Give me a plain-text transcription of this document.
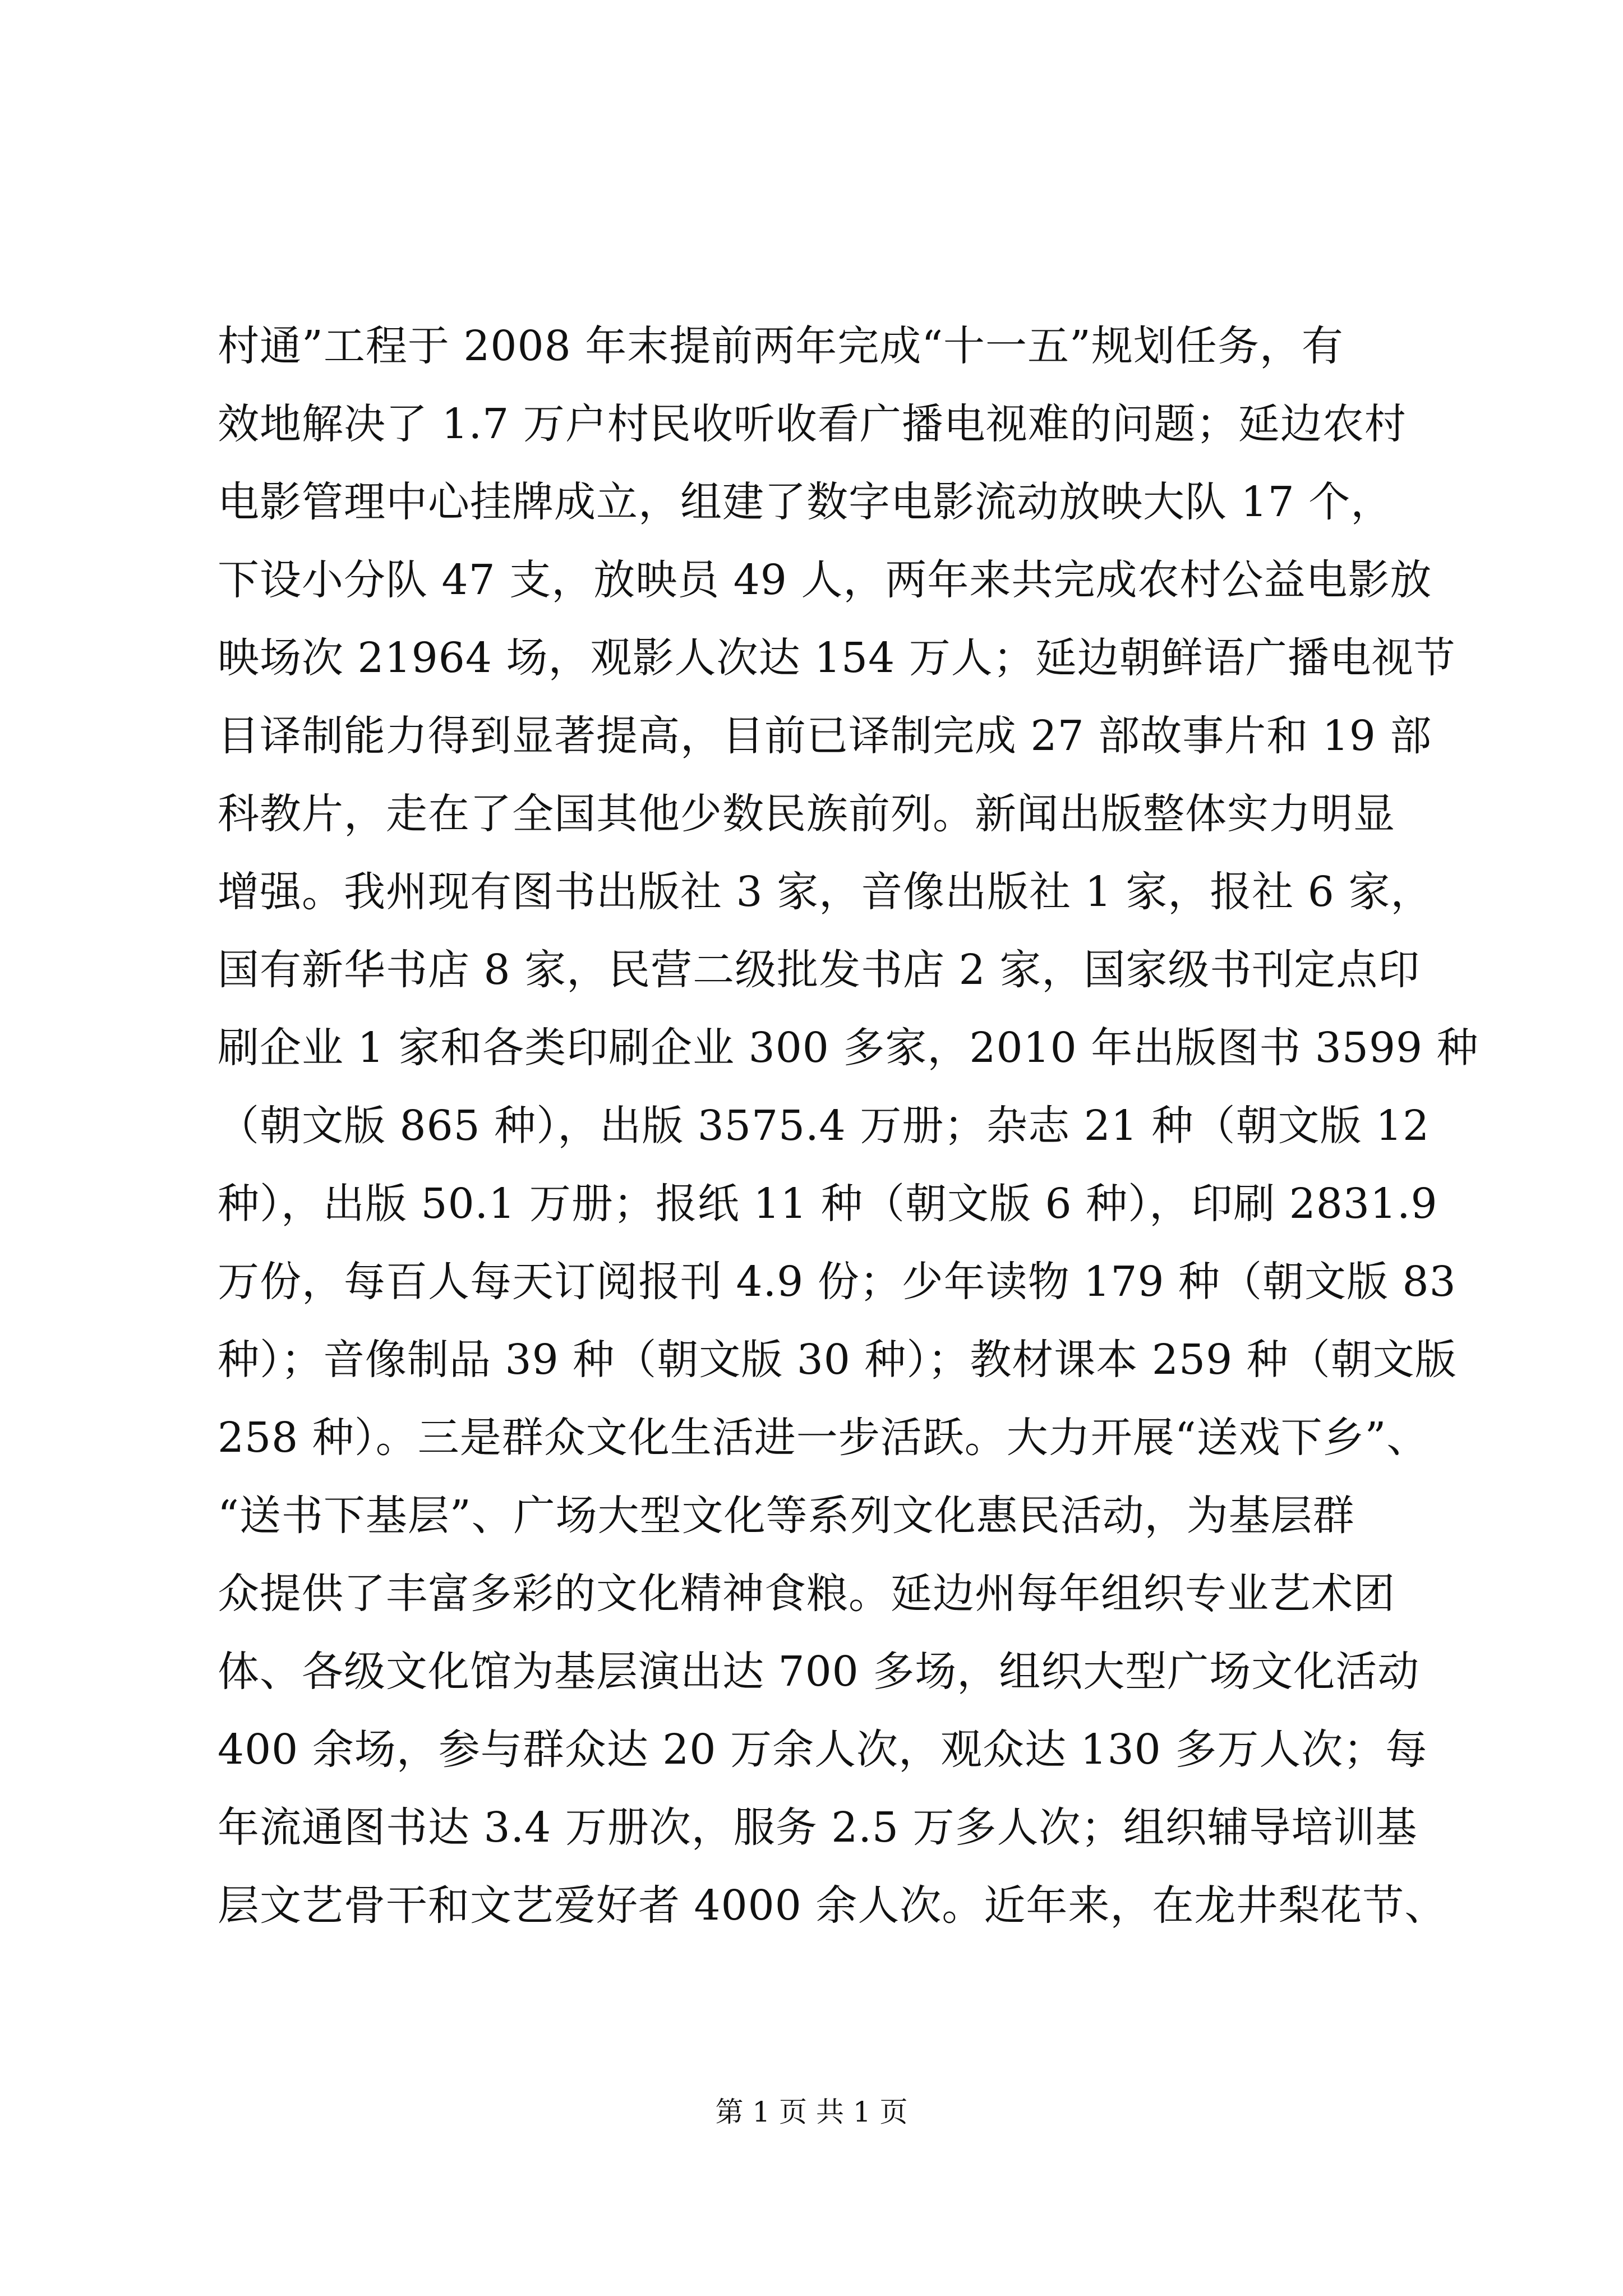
村通”工程于 2008 年末提前两年完成“十一五”规划任务，有
效地解决了 1.7 万户村民收听收看广播电视难的问题；延边农村
电影管理中心挂牌成立，组建了数字电影流动放映大队 17 个，
下设小分队 47 支，放映员 49 人，两年来共完成农村公益电影放
映场次 21964 场，观影人次达 154 万人；延边朝鲜语广播电视节
目译制能力得到显著提高，目前已译制完成 27 部故事片和 19 部
科教片，走在了全国其他少数民族前列。新闻出版整体实力明显
增强。我州现有图书出版社 3 家，音像出版社 1 家，报社 6 家，
国有新华书店 8 家，民营二级批发书店 2 家，国家级书刊定点印
刷企业 1 家和各类印刷企业 300 多家，2010 年出版图书 3599 种
（朝文版 865 种），出版 3575.4 万册；杂志 21 种（朝文版 12
种），出版 50.1 万册；报纸 11 种（朝文版 6 种），印刷 2831.9
万份，每百人每天订阅报刊 4.9 份；少年读物 179 种（朝文版 83
种）；音像制品 39 种（朝文版 30 种）；教材课本 259 种（朝文版
258 种）。三是群众文化生活进一步活跃。大力开展“送戏下乡”、
“送书下基层”、广场大型文化等系列文化惠民活动，为基层群
众提供了丰富多彩的文化精神食粮。延边州每年组织专业艺术团
体、各级文化馆为基层演出达 700 多场，组织大型广场文化活动
400 余场，参与群众达 20 万余人次，观众达 130 多万人次；每
年流通图书达 3.4 万册次，服务 2.5 万多人次；组织辅导培训基
层文艺骨干和文艺爱好者 4000 余人次。近年来，在龙井梨花节、
第 1 页 共 1 页
